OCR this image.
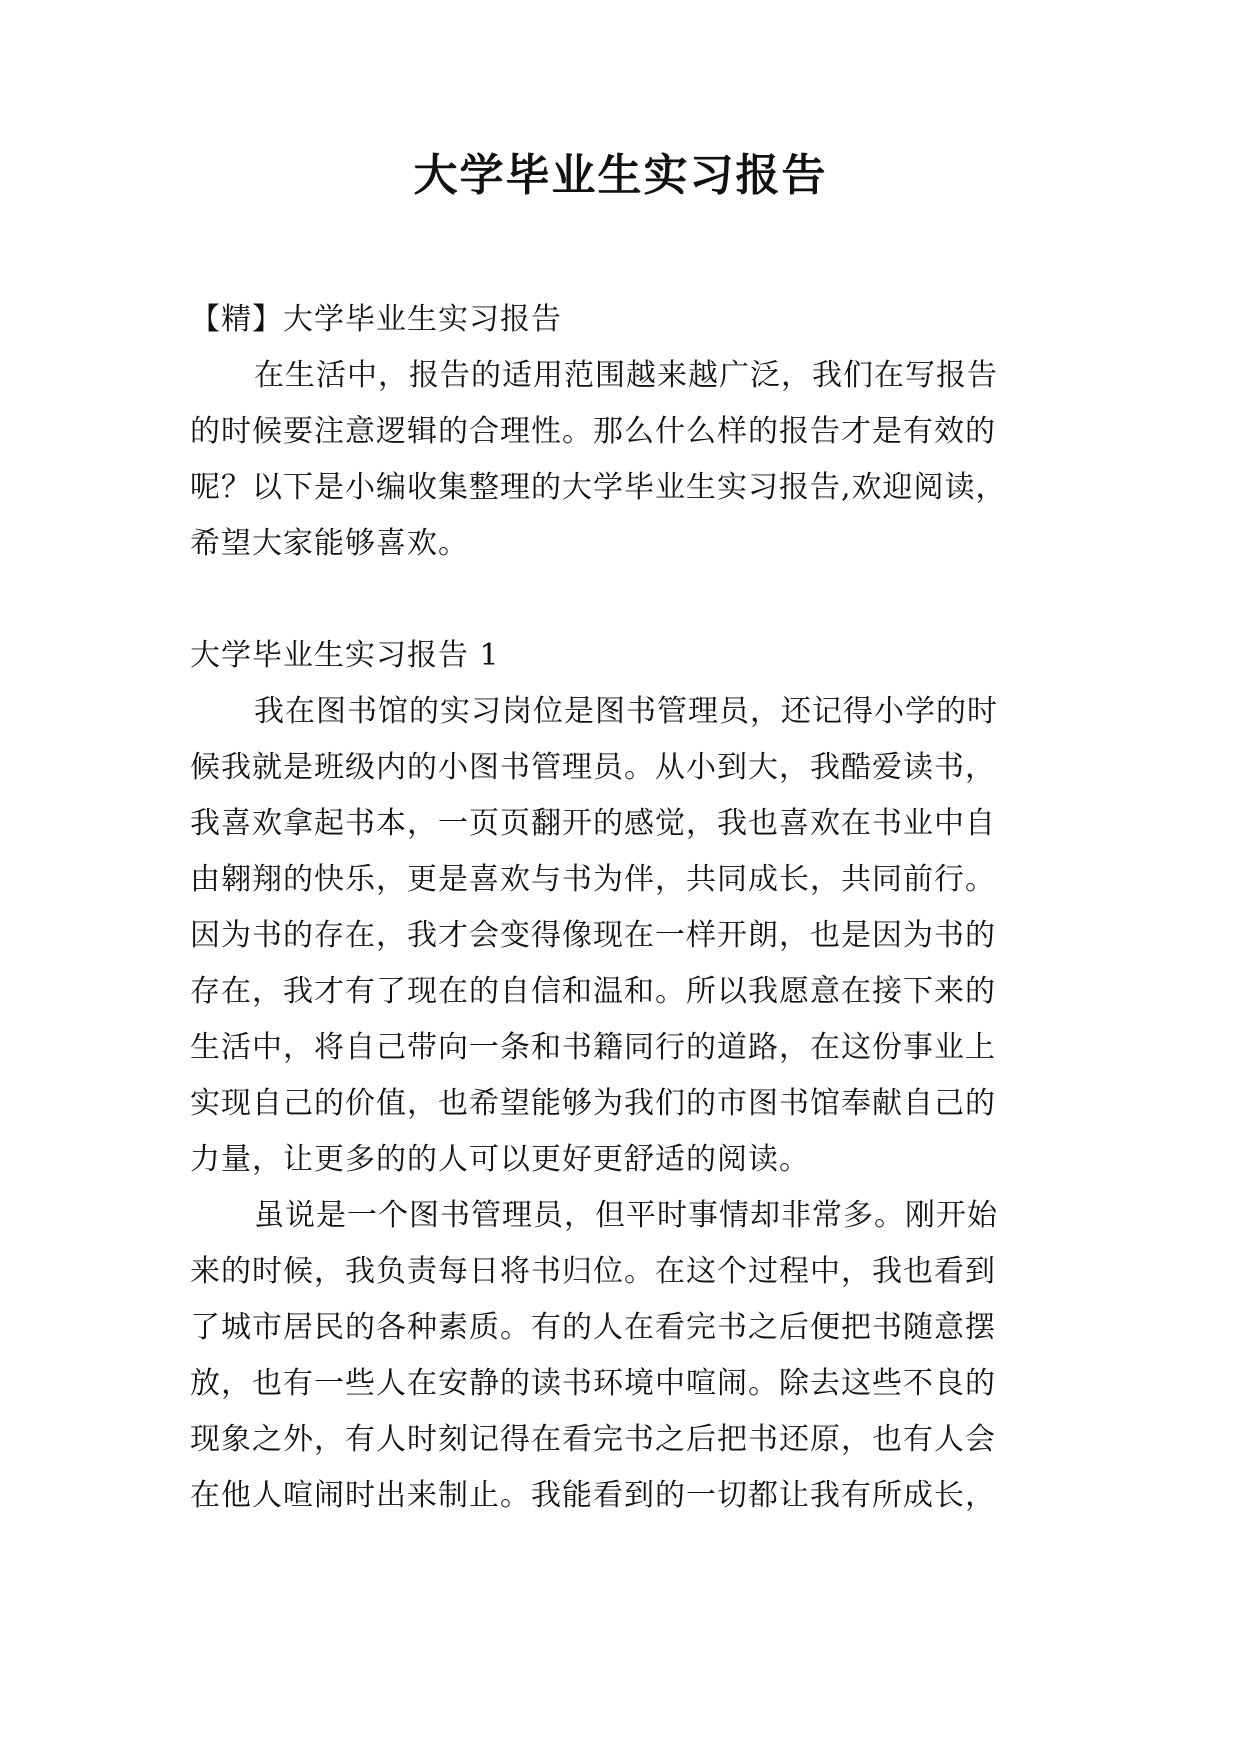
大学毕业生实习报告

【精】大学毕业生实习报告

在生活中，报告的适用范围越来越广泛，我们在写报告

的时候要注意逻辑的合理性。那么什么样的报告才是有效的

呢？以下是小编收集整理的大学毕业生实习报告,欢迎阅读，

希望大家能够喜欢。

大学毕业生实习报告 1

我在图书馆的实习岗位是图书管理员，还记得小学的时

候我就是班级内的小图书管理员。从小到大，我酷爱读书，

我喜欢拿起书本，一页页翻开的感觉，我也喜欢在书业中自

由翱翔的快乐，更是喜欢与书为伴，共同成长，共同前行。

因为书的存在，我才会变得像现在一样开朗，也是因为书的

存在，我才有了现在的自信和温和。所以我愿意在接下来的

生活中，将自己带向一条和书籍同行的道路，在这份事业上

实现自己的价值，也希望能够为我们的市图书馆奉献自己的

力量，让更多的的人可以更好更舒适的阅读。

虽说是一个图书管理员，但平时事情却非常多。刚开始

来的时候，我负责每日将书归位。在这个过程中，我也看到

了城市居民的各种素质。有的人在看完书之后便把书随意摆

放，也有一些人在安静的读书环境中喧闹。除去这些不良的

现象之外，有人时刻记得在看完书之后把书还原，也有人会

在他人喧闹时出来制止。我能看到的一切都让我有所成长，
